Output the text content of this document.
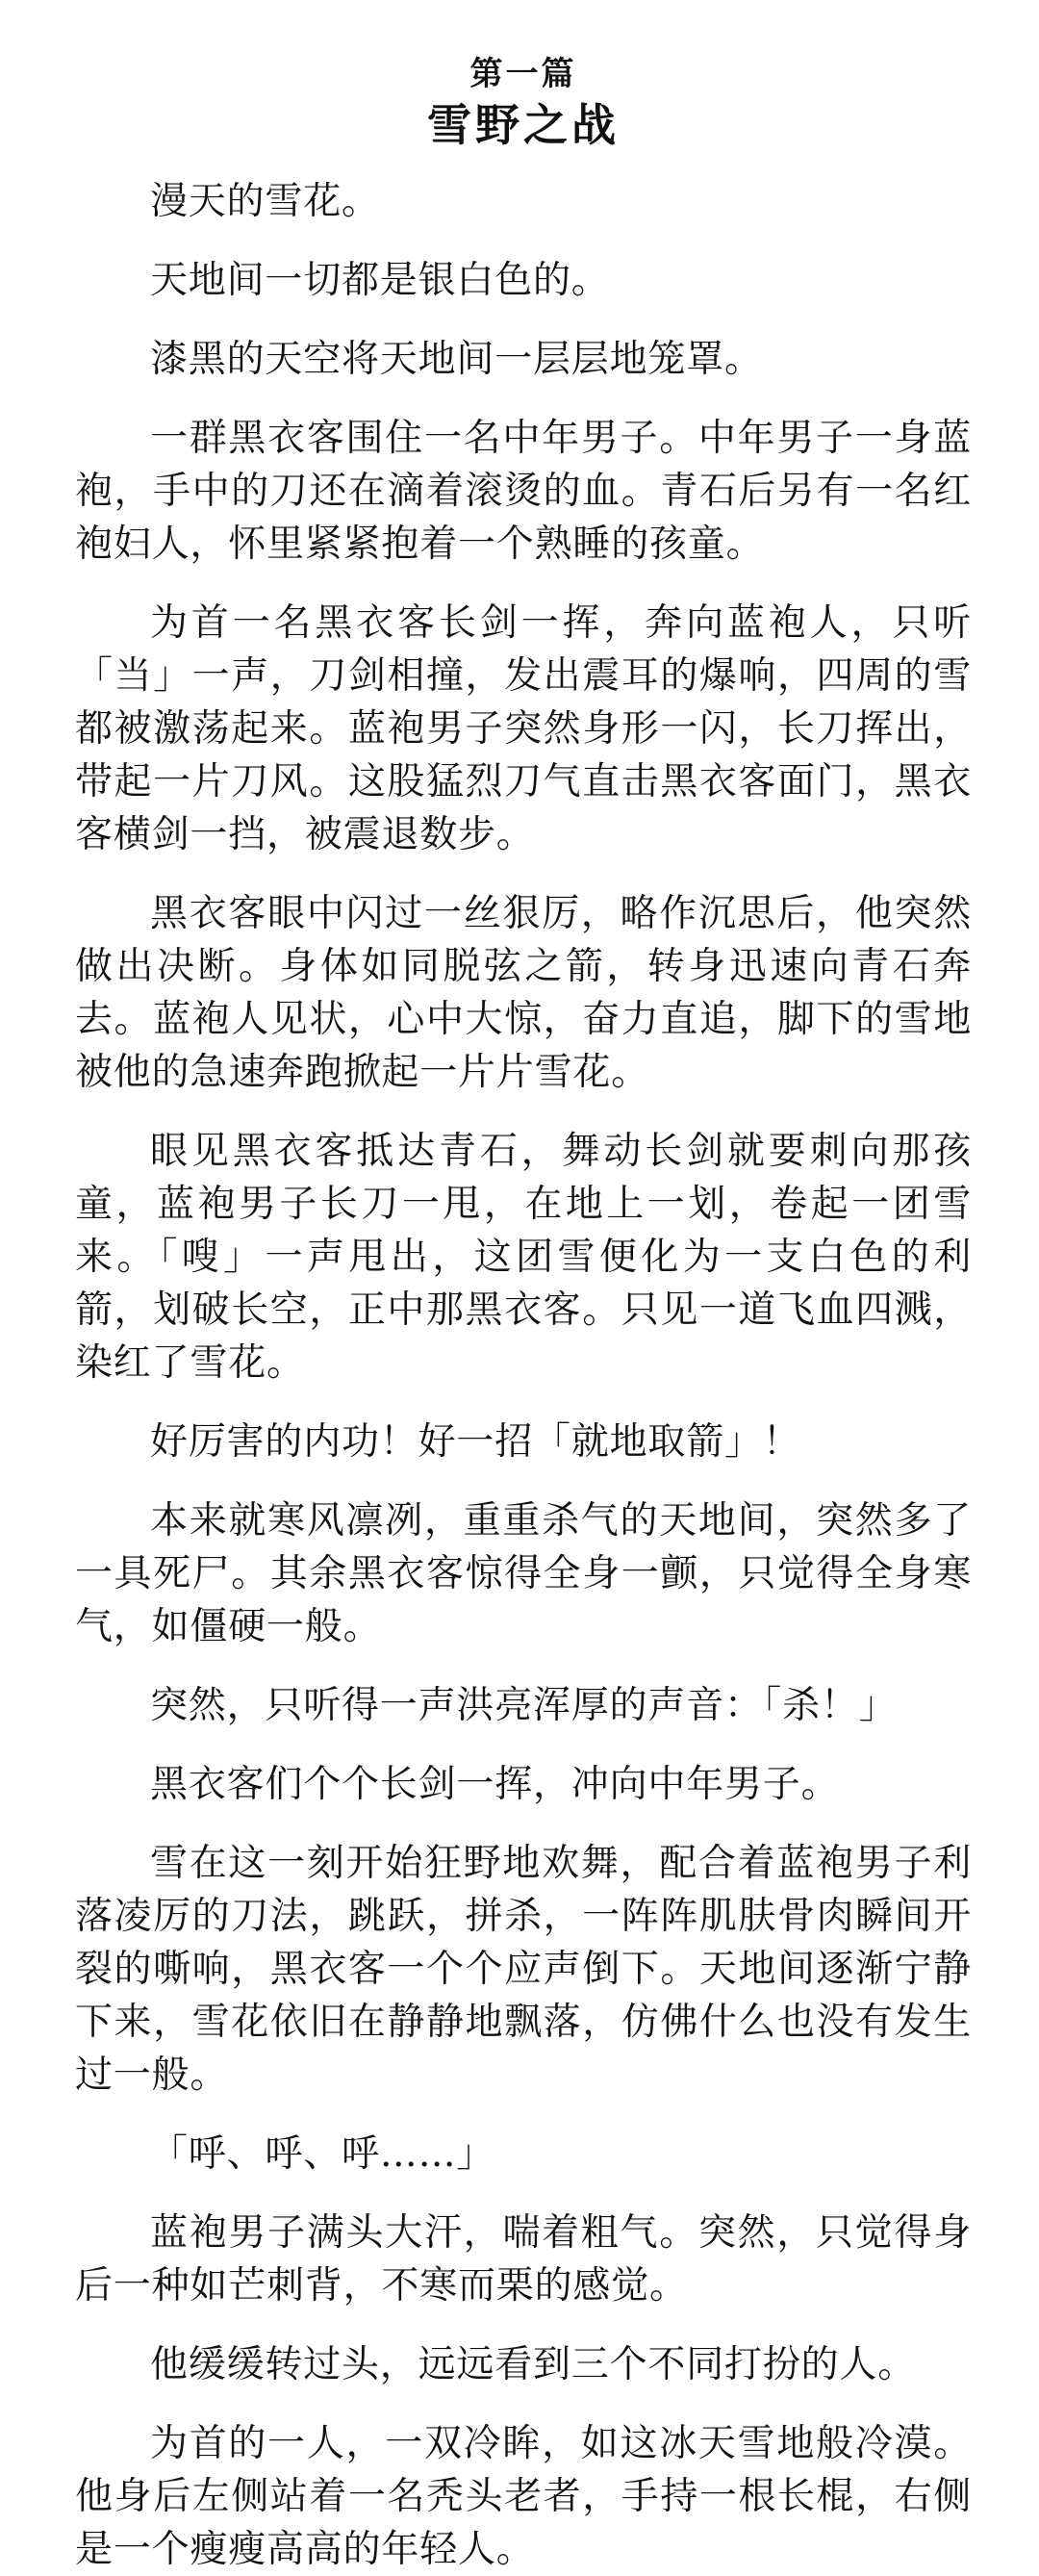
第一篇
雪野之战

漫天的雪花。

天地间一切都是银白色的。

漆黑的天空将天地间一层层地笼罩。

一群黑衣客围住一名中年男子。中年男子一身蓝袍，手中的刀还在滴着滚烫的血。青石后另有一名红袍妇人，怀里紧紧抱着一个熟睡的孩童。

为首一名黑衣客长剑一挥，奔向蓝袍人，只听「当」一声，刀剑相撞，发出震耳的爆响，四周的雪都被激荡起来。蓝袍男子突然身形一闪，长刀挥出，带起一片刀风。这股猛烈刀气直击黑衣客面门，黑衣客横剑一挡，被震退数步。

黑衣客眼中闪过一丝狠厉，略作沉思后，他突然做出决断。身体如同脱弦之箭，转身迅速向青石奔去。蓝袍人见状，心中大惊，奋力直追，脚下的雪地被他的急速奔跑掀起一片片雪花。

眼见黑衣客抵达青石，舞动长剑就要刺向那孩童，蓝袍男子长刀一甩，在地上一划，卷起一团雪来。「嗖」一声甩出，这团雪便化为一支白色的利箭，划破长空，正中那黑衣客。只见一道飞血四溅，染红了雪花。

好厉害的内功！好一招「就地取箭」！

本来就寒风凛冽，重重杀气的天地间，突然多了一具死尸。其余黑衣客惊得全身一颤，只觉得全身寒气，如僵硬一般。

突然，只听得一声洪亮浑厚的声音：「杀！」

黑衣客们个个长剑一挥，冲向中年男子。

雪在这一刻开始狂野地欢舞，配合着蓝袍男子利落凌厉的刀法，跳跃，拼杀，一阵阵肌肤骨肉瞬间开裂的嘶响，黑衣客一个个应声倒下。天地间逐渐宁静下来，雪花依旧在静静地飘落，仿佛什么也没有发生过一般。

「呼、呼、呼……」

蓝袍男子满头大汗，喘着粗气。突然，只觉得身后一种如芒刺背，不寒而栗的感觉。

他缓缓转过头，远远看到三个不同打扮的人。

为首的一人，一双冷眸，如这冰天雪地般冷漠。他身后左侧站着一名秃头老者，手持一根长棍，右侧是一个瘦瘦高高的年轻人。
